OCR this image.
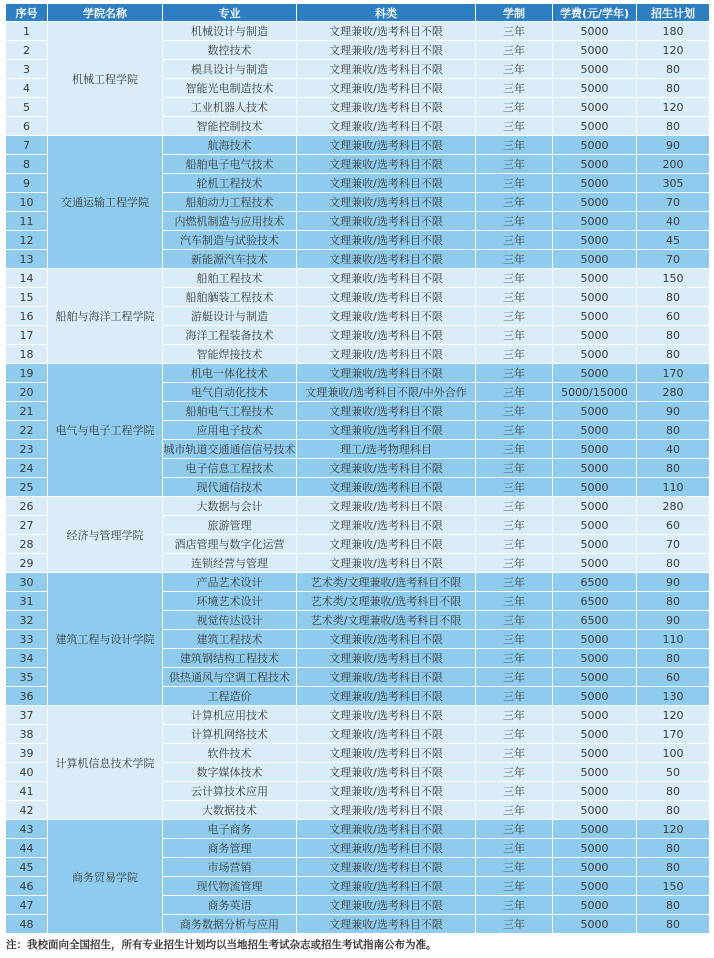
序号	学院名称	专业	科类	学制	学费(元/学年)	招生计划
1	机械工程学院	机械设计与制造	文理兼收/选考科目不限	三年	5000	180
2		数控技术	文理兼收/选考科目不限	三年	5000	120
3		模具设计与制造	文理兼收/选考科目不限	三年	5000	80
4		智能光电制造技术	文理兼收/选考科目不限	三年	5000	80
5		工业机器人技术	文理兼收/选考科目不限	三年	5000	120
6		智能控制技术	文理兼收/选考科目不限	三年	5000	80
7	交通运输工程学院	航海技术	文理兼收/选考科目不限	三年	5000	90
8		船舶电子电气技术	文理兼收/选考科目不限	三年	5000	200
9		轮机工程技术	文理兼收/选考科目不限	三年	5000	305
10		船舶动力工程技术	文理兼收/选考科目不限	三年	5000	70
11		内燃机制造与应用技术	文理兼收/选考科目不限	三年	5000	40
12		汽车制造与试验技术	文理兼收/选考科目不限	三年	5000	45
13		新能源汽车技术	文理兼收/选考科目不限	三年	5000	70
14	船舶与海洋工程学院	船舶工程技术	文理兼收/选考科目不限	三年	5000	150
15		船舶舾装工程技术	文理兼收/选考科目不限	三年	5000	80
16		游艇设计与制造	文理兼收/选考科目不限	三年	5000	60
17		海洋工程装备技术	文理兼收/选考科目不限	三年	5000	80
18		智能焊接技术	文理兼收/选考科目不限	三年	5000	80
19	电气与电子工程学院	机电一体化技术	文理兼收/选考科目不限	三年	5000	170
20		电气自动化技术	文理兼收/选考科目不限/中外合作	三年	5000/15000	280
21		船舶电气工程技术	文理兼收/选考科目不限	三年	5000	90
22		应用电子技术	文理兼收/选考科目不限	三年	5000	80
23		城市轨道交通通信信号技术	理工/选考物理科目	三年	5000	40
24		电子信息工程技术	文理兼收/选考科目不限	三年	5000	80
25		现代通信技术	文理兼收/选考科目不限	三年	5000	110
26	经济与管理学院	大数据与会计	文理兼收/选考科目不限	三年	5000	280
27		旅游管理	文理兼收/选考科目不限	三年	5000	60
28		酒店管理与数字化运营	文理兼收/选考科目不限	三年	5000	70
29		连锁经营与管理	文理兼收/选考科目不限	三年	5000	80
30	建筑工程与设计学院	产品艺术设计	艺术类/文理兼收/选考科目不限	三年	6500	90
31		环境艺术设计	艺术类/文理兼收/选考科目不限	三年	6500	80
32		视觉传达设计	艺术类/文理兼收/选考科目不限	三年	6500	90
33		建筑工程技术	文理兼收/选考科目不限	三年	5000	110
34		建筑钢结构工程技术	文理兼收/选考科目不限	三年	5000	80
35		供热通风与空调工程技术	文理兼收/选考科目不限	三年	5000	60
36		工程造价	文理兼收/选考科目不限	三年	5000	130
37	计算机信息技术学院	计算机应用技术	文理兼收/选考科目不限	三年	5000	120
38		计算机网络技术	文理兼收/选考科目不限	三年	5000	170
39		软件技术	文理兼收/选考科目不限	三年	5000	100
40		数字媒体技术	文理兼收/选考科目不限	三年	5000	50
41		云计算技术应用	文理兼收/选考科目不限	三年	5000	80
42		大数据技术	文理兼收/选考科目不限	三年	5000	80
43	商务贸易学院	电子商务	文理兼收/选考科目不限	三年	5000	120
44		商务管理	文理兼收/选考科目不限	三年	5000	80
45		市场营销	文理兼收/选考科目不限	三年	5000	80
46		现代物流管理	文理兼收/选考科目不限	三年	5000	150
47		商务英语	文理兼收/选考科目不限	三年	5000	80
48		商务数据分析与应用	文理兼收/选考科目不限	三年	5000	80
注：我校面向全国招生，所有专业招生计划均以当地招生考试杂志或招生考试指南公布为准。
